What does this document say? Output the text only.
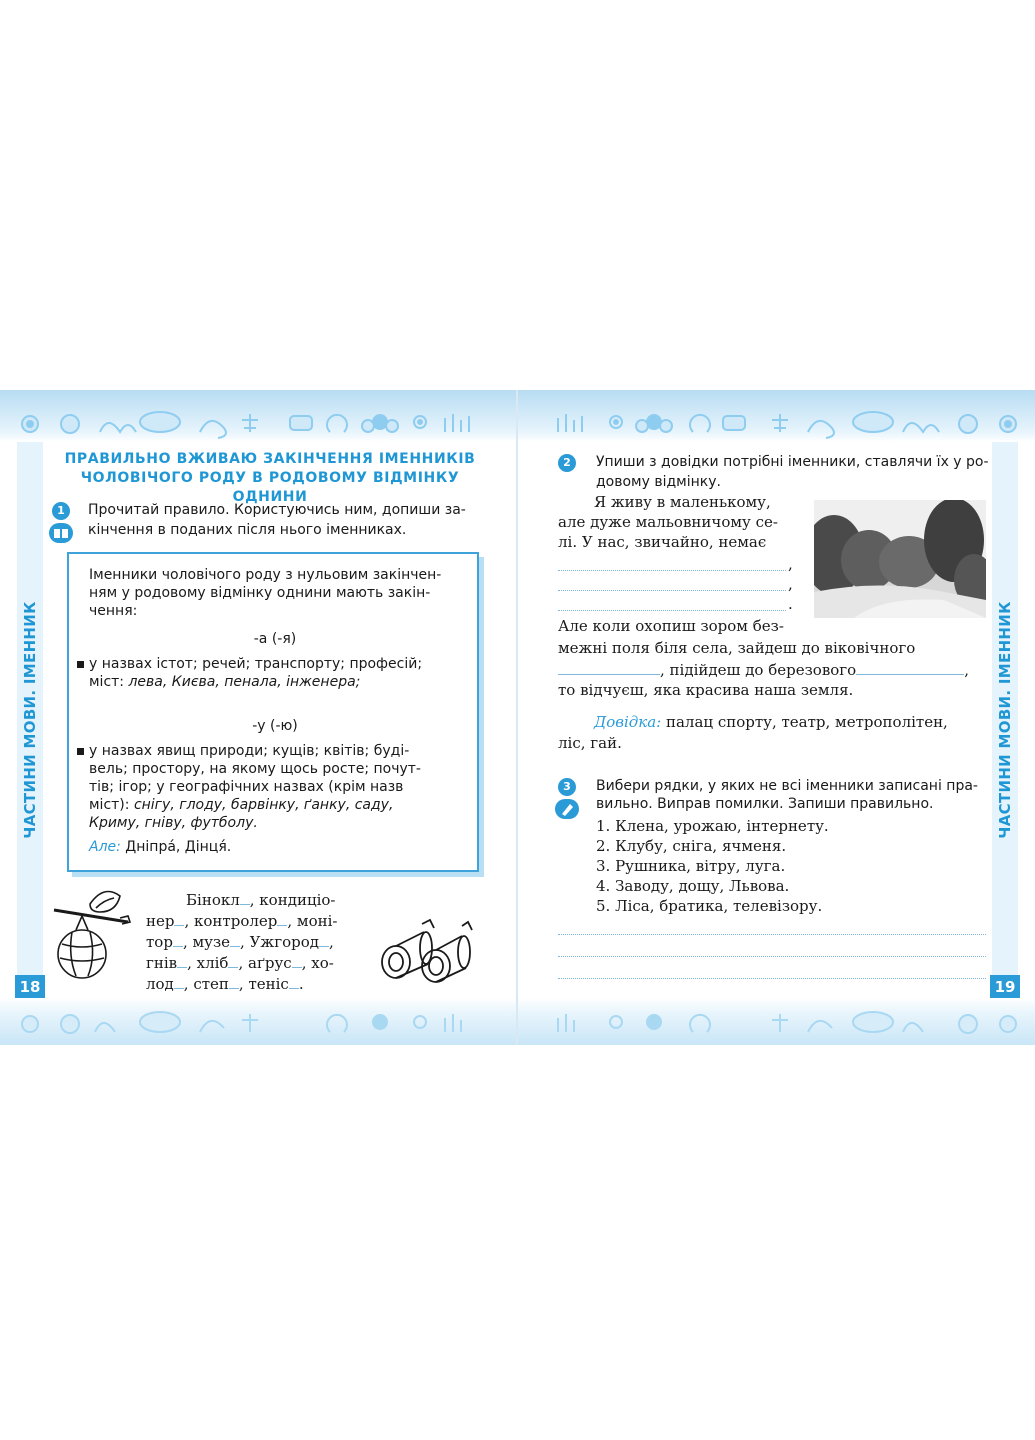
ЧАСТИНИ МОВИ. ІМЕННИК
18
ПРАВИЛЬНО ВЖИВАЮ ЗАКІНЧЕННЯ ІМЕННИКІВ
ЧОЛОВІЧОГО РОДУ В РОДОВОМУ ВІДМІНКУ ОДНИНИ
1	Прочитай правило. Користуючись ним, допиши за-
кінчення в поданих після нього іменниках.
Іменники чоловічого роду з нульовим закінчен-
ням у родовому відмінку однини мають закін-
чення:
-а (-я)
у назвах істот; речей; транспорту; професій;
міст: лева, Києва, пенала, інженера;
-у (-ю)
у назвах явищ природи; кущів; квітів; буді-
вель; простору, на якому щось росте; почут-
тів; ігор; у географічних назвах (крім назв
міст): снігу, глоду, барвінку, ґанку, саду,
Криму, гніву, футболу.
Але: Дніпра́, Дінця́.
Бінокл , кондиціо-
нер , контролер , моні-
тор , музе , Ужгород ,
гнів , хліб , аґрус , хо-
лод , степ , теніс .
ЧАСТИНИ МОВИ. ІМЕННИК
19
2	Упиши з довідки потрібні іменники, ставлячи їх у ро-
довому відмінку.
Я живу в маленькому,
але дуже мальовничому се-
лі. У нас, звичайно, немає
,
,
.
Але коли охопиш зором без-
межні поля біля села, зайдеш до віковічного
, підійдеш до березового	,
то відчуєш, яка красива наша земля.
Довідка: палац спорту, театр, метрополітен,
ліс, гай.
3	Вибери рядки, у яких не всі іменники записані пра-
вильно. Виправ помилки. Запиши правильно.
1. Клена, урожаю, інтернету.
2. Клубу, сніга, ячменя.
3. Рушника, вітру, луга.
4. Заводу, дощу, Львова.
5. Ліса, братика, телевізору.
